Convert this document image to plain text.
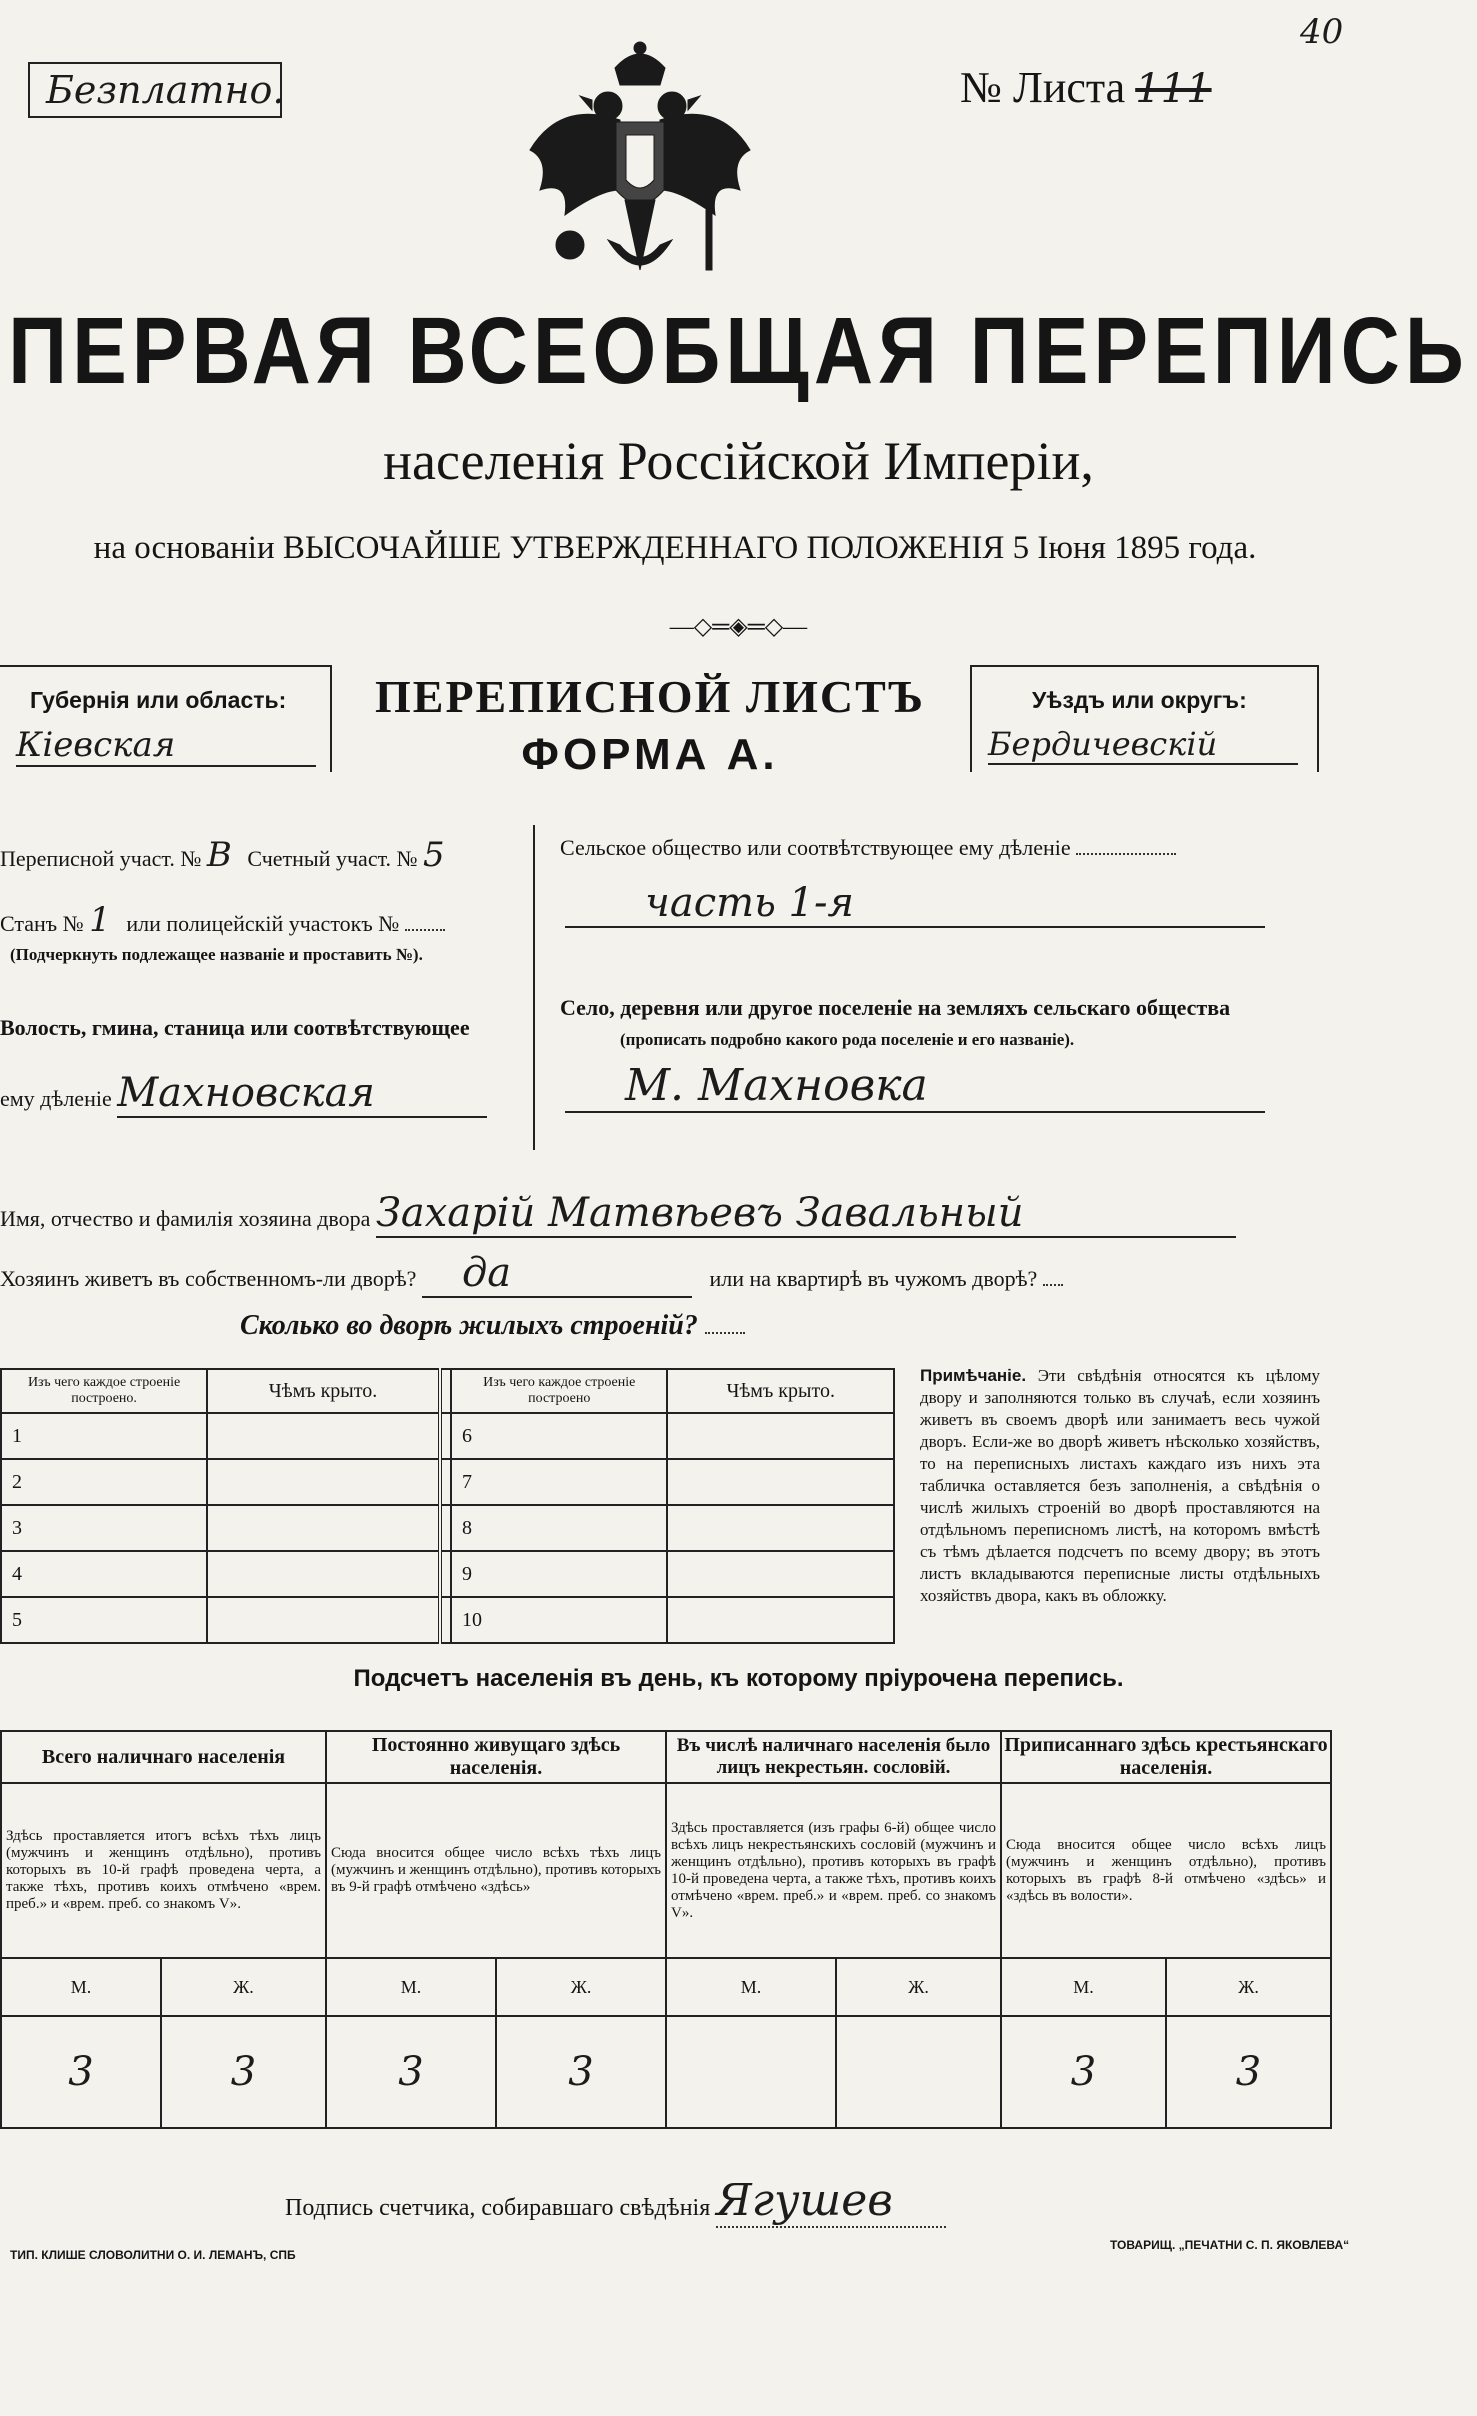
Безплатно.	№ Листа 111
40
ПЕРВАЯ ВСЕОБЩАЯ ПЕРЕПИСЬ
населенія Россійской Имперіи,
на основаніи ВЫСОЧАЙШЕ УТВЕРЖДЕННАГО ПОЛОЖЕНІЯ 5 Іюня 1895 года.
—◇═◈═◇—
Губернія или область:
Кіевская
ПЕРЕПИСНОЙ ЛИСТЪ
ФОРМА А.
Уѣздъ или округъ:
Бердичевскій
Переписной участ. № В Счетный участ. № 5
Станъ № 1 или полицейскій участокъ №
(Подчеркнуть подлежащее названіе и проставить №).
Волость, гмина, станица или соотвѣтствующее
ему дѣленіе Махновская
Сельское общество или соотвѣтствующее ему дѣленіе
часть 1-я
Село, деревня или другое поселеніе на земляхъ сельскаго общества
(прописать подробно какого рода поселеніе и его названіе).
М. Махновка
Имя, отчество и фамилія хозяина двора Захарій Матвѣевъ Завальный
Хозяинъ живетъ въ собственномъ-ли дворѣ? да	или на квартирѣ въ чужомъ дворѣ?
Сколько во дворѣ жилыхъ строеній?
Изъ чего каждое строеніе построено.	Чѣмъ крыто.		Изъ чего каждое строеніе построено	Чѣмъ крыто.
1			6	
2			7	
3			8	
4			9	
5			10	
Примѣчаніе. Эти свѣдѣнія относятся къ цѣлому двору и заполняются только въ случаѣ, если хозяинъ живетъ въ своемъ дворѣ или занимаетъ весь чужой дворъ. Если-же во дворѣ живетъ нѣсколько хозяйствъ, то на переписныхъ листахъ каждаго изъ нихъ эта табличка оставляется безъ заполненія, а свѣдѣнія о числѣ жилыхъ строеній во дворѣ проставляются на отдѣльномъ переписномъ листѣ, на которомъ вмѣстѣ съ тѣмъ дѣлается подсчетъ по всему двору; въ этотъ листъ вкладываются переписные листы отдѣльныхъ хозяйствъ двора, какъ въ обложку.
Подсчетъ населенія въ день, къ которому пріурочена перепись.
Всего наличнаго населенія		Постоянно живущаго здѣсь населенія.		Въ числѣ наличнаго населенія было лицъ некрестьян. сословій.		Приписаннаго здѣсь крестьянскаго населенія.	
Здѣсь проставляется итогъ всѣхъ тѣхъ лицъ (мужчинъ и женщинъ отдѣльно), противъ которыхъ въ 10-й графѣ проведена черта, а также тѣхъ, противъ коихъ отмѣчено «врем. преб.» и «врем. преб. со знакомъ V».		Сюда вносится общее число всѣхъ тѣхъ лицъ (мужчинъ и женщинъ отдѣльно), противъ которыхъ въ 9-й графѣ отмѣчено «здѣсь»		Здѣсь проставляется (изъ графы 6-й) общее число всѣхъ лицъ некрестьянскихъ сословій (мужчинъ и женщинъ отдѣльно), противъ которыхъ въ графѣ 10-й проведена черта, а также тѣхъ, противъ коихъ отмѣчено «врем. преб.» и «врем. преб. со знакомъ V».		Сюда вносится общее число всѣхъ лицъ (мужчинъ и женщинъ отдѣльно), противъ которыхъ въ графѣ 8-й отмѣчено «здѣсь» и «здѣсь въ волости».	
М.	Ж.	М.	Ж.	М.	Ж.	М.	Ж.
3	3	3	3			3	3
Подпись счетчика, собиравшаго свѣдѣнія Ягушев
ТИП. КЛИШЕ СЛОВОЛИТНИ О. И. ЛЕМАНЪ, СПБ
ТОВАРИЩ. „ПЕЧАТНИ С. П. ЯКОВЛЕВА“
